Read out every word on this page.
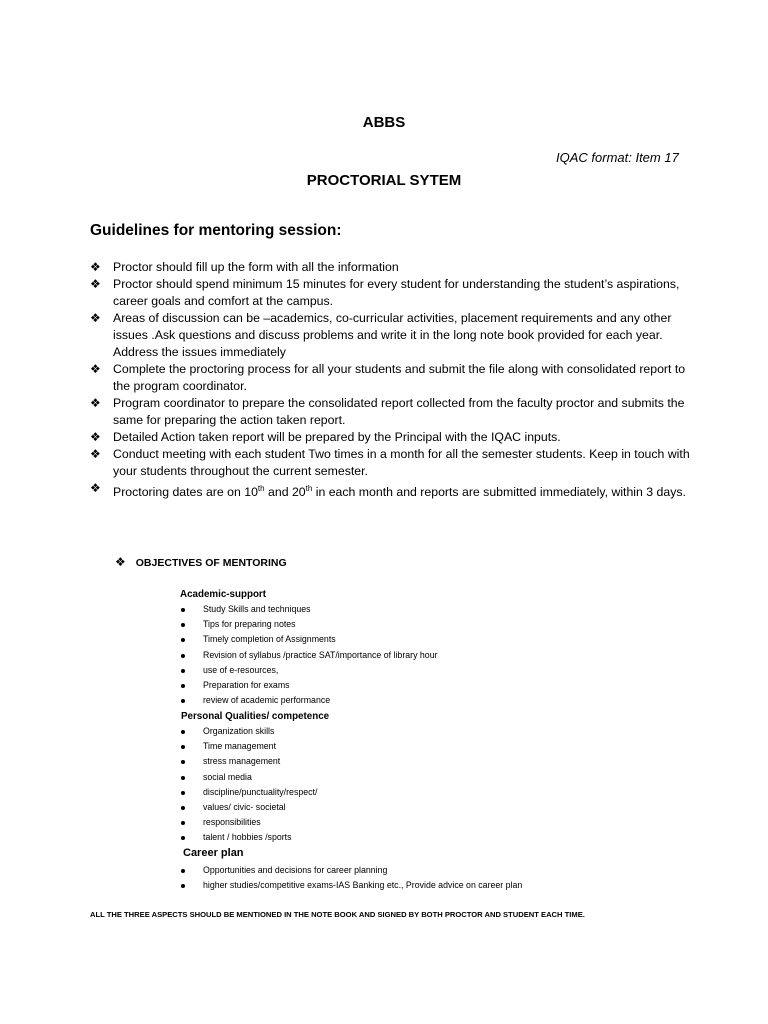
ABBS
IQAC format: Item 17
PROCTORIAL SYTEM
Guidelines for mentoring session:
❖ Proctor should fill up the form with all the information
❖ Proctor should spend minimum 15 minutes for every student for understanding the student’s aspirations, career goals and comfort at the campus.
❖ Areas of discussion can be –academics, co-curricular activities, placement requirements and any other issues .Ask questions and discuss problems and write it in the long note book provided for each year. Address the issues immediately
❖ Complete the proctoring process for all your students and submit the file along with consolidated report to the program coordinator.
❖ Program coordinator to prepare the consolidated report collected from the faculty proctor and submits the same for preparing the action taken report.
❖ Detailed Action taken report will be prepared by the Principal with the IQAC inputs.
❖ Conduct meeting with each student Two times in a month for all the semester students. Keep in touch with your students throughout the current semester.
❖ Proctoring dates are on 10th and 20th in each month and reports are submitted immediately, within 3 days.
❖ OBJECTIVES OF MENTORING
Academic-support
Study Skills and techniques
Tips for preparing notes
Timely completion of Assignments
Revision of syllabus /practice SAT/importance of library hour
use of e-resources,
Preparation for exams
review of academic performance
Personal Qualities/ competence
Organization skills
Time management
stress management
social media
discipline/punctuality/respect/
values/ civic- societal
responsibilities
talent / hobbies /sports
Career plan
Opportunities and decisions for career planning
higher studies/competitive exams-IAS Banking etc., Provide advice on career plan
ALL THE THREE ASPECTS SHOULD BE MENTIONED IN THE NOTE BOOK AND SIGNED BY BOTH PROCTOR AND STUDENT EACH TIME.
